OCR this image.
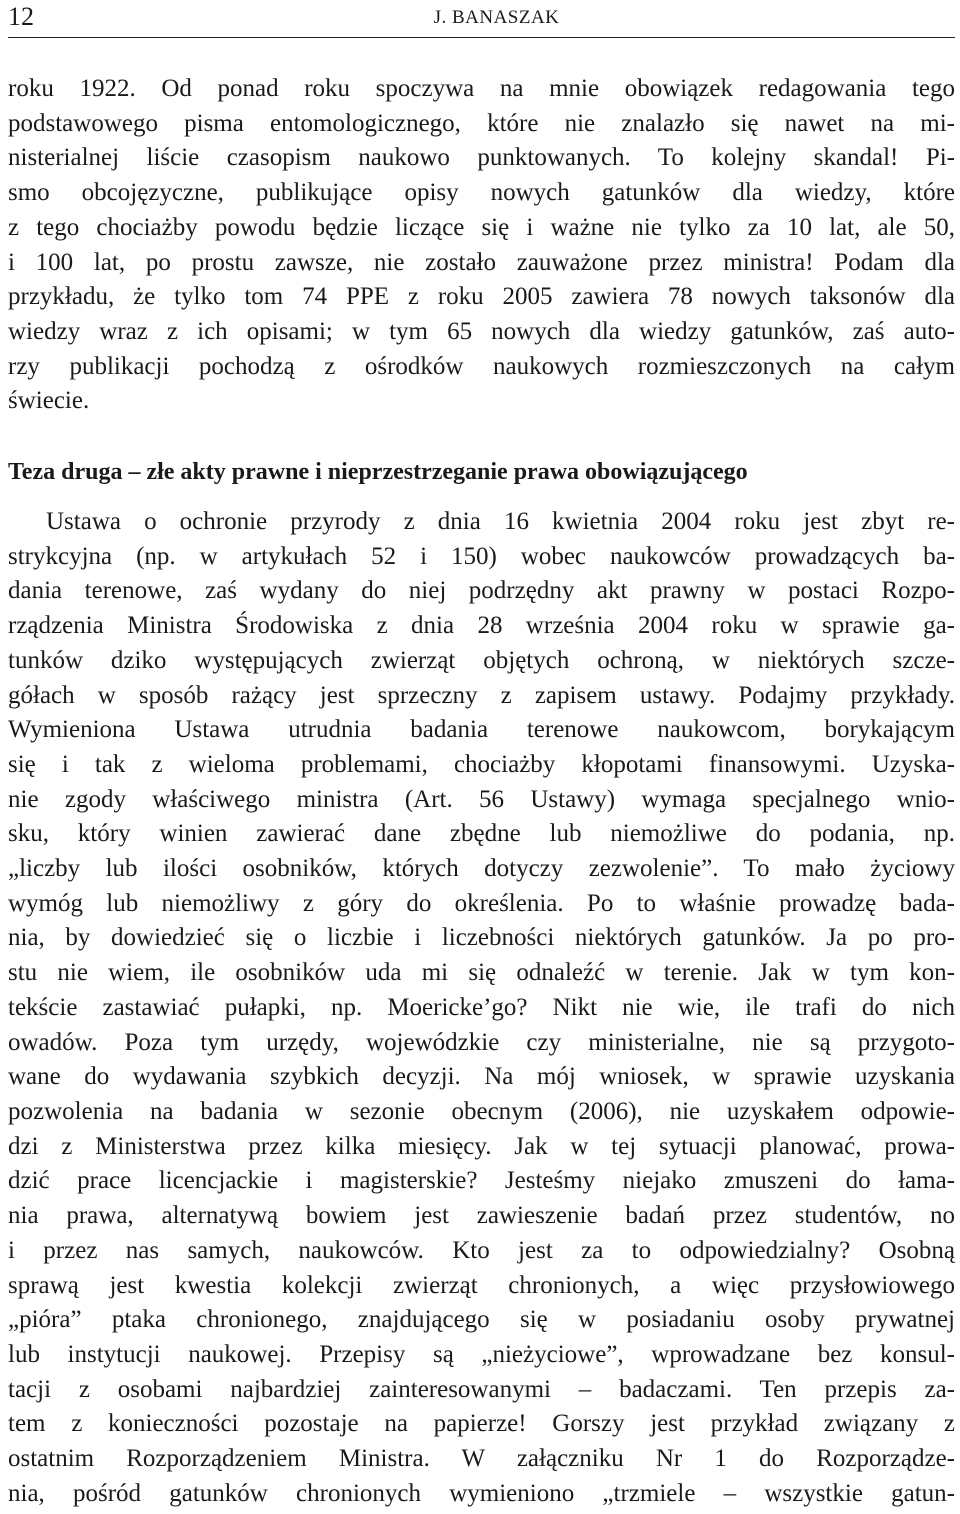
12	J. BANASZAK
roku 1922. Od ponad roku spoczywa na mnie obowiązek redagowania tego
podstawowego pisma entomologicznego, które nie znalazło się nawet na mi-
nisterialnej liście czasopism naukowo punktowanych. To kolejny skandal! Pi-
smo obcojęzyczne, publikujące opisy nowych gatunków dla wiedzy, które
z tego chociażby powodu będzie liczące się i ważne nie tylko za 10 lat, ale 50,
i 100 lat, po prostu zawsze, nie zostało zauważone przez ministra! Podam dla
przykładu, że tylko tom 74 PPE z roku 2005 zawiera 78 nowych taksonów dla
wiedzy wraz z ich opisami; w tym 65 nowych dla wiedzy gatunków, zaś auto-
rzy publikacji pochodzą z ośrodków naukowych rozmieszczonych na całym
świecie.
Teza druga – złe akty prawne i nieprzestrzeganie prawa obowiązującego
Ustawa o ochronie przyrody z dnia 16 kwietnia 2004 roku jest zbyt re-
strykcyjna (np. w artykułach 52 i 150) wobec naukowców prowadzących ba-
dania terenowe, zaś wydany do niej podrzędny akt prawny w postaci Rozpo-
rządzenia Ministra Środowiska z dnia 28 września 2004 roku w sprawie ga-
tunków dziko występujących zwierząt objętych ochroną, w niektórych szcze-
gółach w sposób rażący jest sprzeczny z zapisem ustawy. Podajmy przykłady.
Wymieniona Ustawa utrudnia badania terenowe naukowcom, borykającym
się i tak z wieloma problemami, chociażby kłopotami finansowymi. Uzyska-
nie zgody właściwego ministra (Art. 56 Ustawy) wymaga specjalnego wnio-
sku, który winien zawierać dane zbędne lub niemożliwe do podania, np.
„liczby lub ilości osobników, których dotyczy zezwolenie”. To mało życiowy
wymóg lub niemożliwy z góry do określenia. Po to właśnie prowadzę bada-
nia, by dowiedzieć się o liczbie i liczebności niektórych gatunków. Ja po pro-
stu nie wiem, ile osobników uda mi się odnaleźć w terenie. Jak w tym kon-
tekście zastawiać pułapki, np. Moericke’go? Nikt nie wie, ile trafi do nich
owadów. Poza tym urzędy, wojewódzkie czy ministerialne, nie są przygoto-
wane do wydawania szybkich decyzji. Na mój wniosek, w sprawie uzyskania
pozwolenia na badania w sezonie obecnym (2006), nie uzyskałem odpowie-
dzi z Ministerstwa przez kilka miesięcy. Jak w tej sytuacji planować, prowa-
dzić prace licencjackie i magisterskie? Jesteśmy niejako zmuszeni do łama-
nia prawa, alternatywą bowiem jest zawieszenie badań przez studentów, no
i przez nas samych, naukowców. Kto jest za to odpowiedzialny? Osobną
sprawą jest kwestia kolekcji zwierząt chronionych, a więc przysłowiowego
„pióra” ptaka chronionego, znajdującego się w posiadaniu osoby prywatnej
lub instytucji naukowej. Przepisy są „nieżyciowe”, wprowadzane bez konsul-
tacji z osobami najbardziej zainteresowanymi – badaczami. Ten przepis za-
tem z konieczności pozostaje na papierze! Gorszy jest przykład związany z
ostatnim Rozporządzeniem Ministra. W załączniku Nr 1 do Rozporządze-
nia, pośród gatunków chronionych wymieniono „trzmiele – wszystkie gatun-
